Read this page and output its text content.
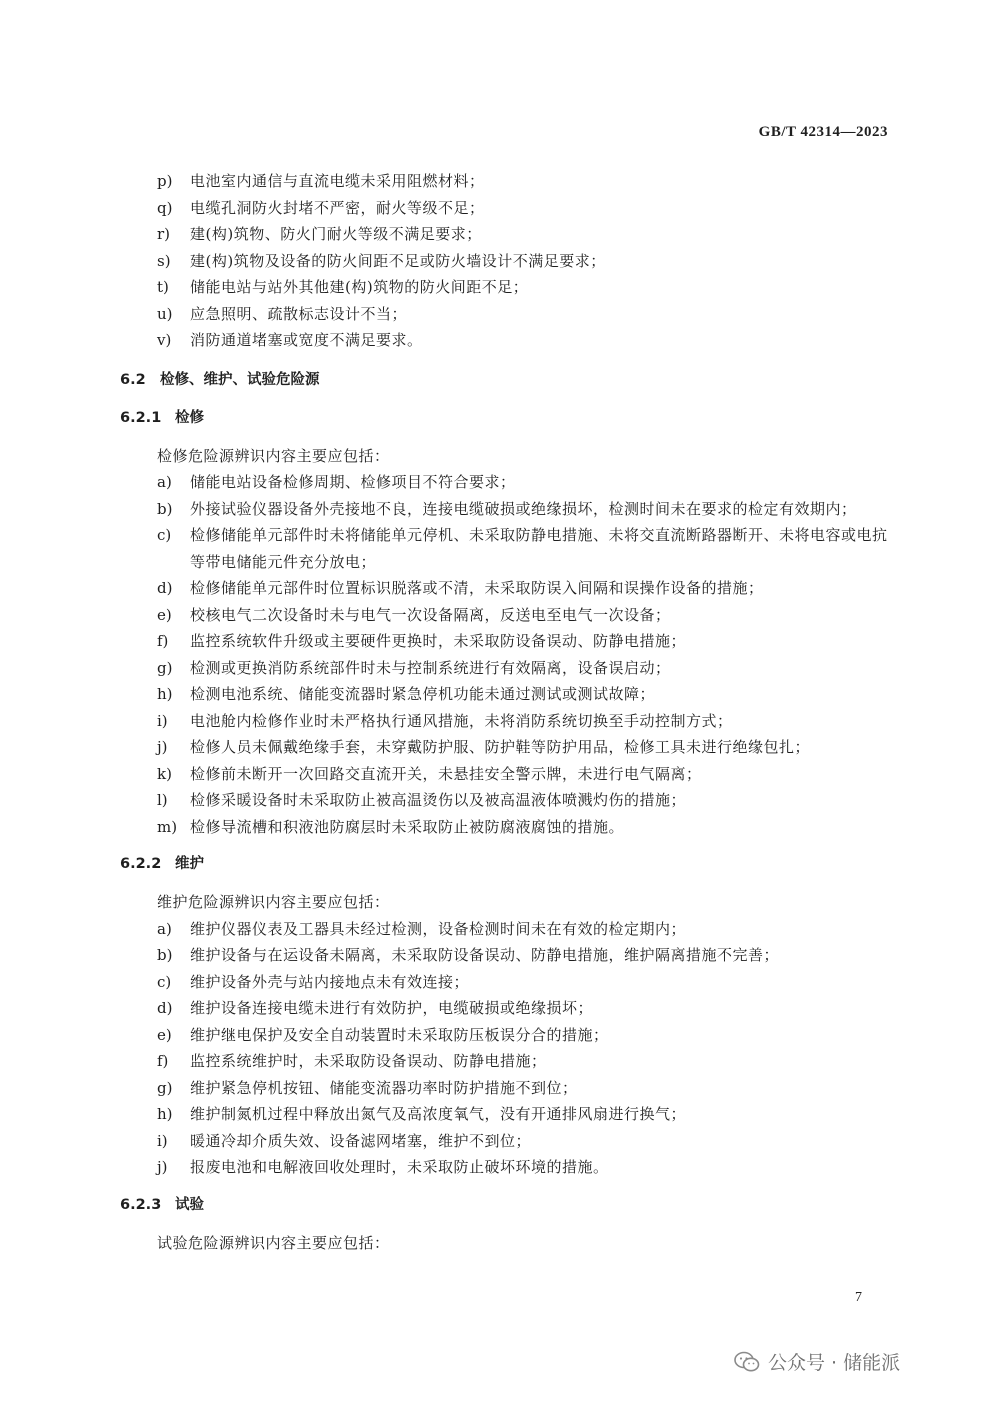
GB/T 42314—2023
p)	电池室内通信与直流电缆未采用阻燃材料；
q)	电缆孔洞防火封堵不严密，耐火等级不足；
r)	建(构)筑物、防火门耐火等级不满足要求；
s)	建(构)筑物及设备的防火间距不足或防火墙设计不满足要求；
t)	储能电站与站外其他建(构)筑物的防火间距不足；
u)	应急照明、疏散标志设计不当；
v)	消防通道堵塞或宽度不满足要求。
6.2 检修、维护、试验危险源
6.2.1 检修
检修危险源辨识内容主要应包括：
a)	储能电站设备检修周期、检修项目不符合要求；
b)	外接试验仪器设备外壳接地不良，连接电缆破损或绝缘损坏，检测时间未在要求的检定有效期内；
c)	检修储能单元部件时未将储能单元停机、未采取防静电措施、未将交直流断路器断开、未将电容或电抗等带电储能元件充分放电；
d)	检修储能单元部件时位置标识脱落或不清，未采取防误入间隔和误操作设备的措施；
e)	校核电气二次设备时未与电气一次设备隔离，反送电至电气一次设备；
f)	监控系统软件升级或主要硬件更换时，未采取防设备误动、防静电措施；
g)	检测或更换消防系统部件时未与控制系统进行有效隔离，设备误启动；
h)	检测电池系统、储能变流器时紧急停机功能未通过测试或测试故障；
i)	电池舱内检修作业时未严格执行通风措施，未将消防系统切换至手动控制方式；
j)	检修人员未佩戴绝缘手套，未穿戴防护服、防护鞋等防护用品，检修工具未进行绝缘包扎；
k)	检修前未断开一次回路交直流开关，未悬挂安全警示牌，未进行电气隔离；
l)	检修采暖设备时未采取防止被高温烫伤以及被高温液体喷溅灼伤的措施；
m) 检修导流槽和积液池防腐层时未采取防止被防腐液腐蚀的措施。
6.2.2 维护
维护危险源辨识内容主要应包括：
a)	维护仪器仪表及工器具未经过检测，设备检测时间未在有效的检定期内；
b)	维护设备与在运设备未隔离，未采取防设备误动、防静电措施，维护隔离措施不完善；
c)	维护设备外壳与站内接地点未有效连接；
d)	维护设备连接电缆未进行有效防护，电缆破损或绝缘损坏；
e)	维护继电保护及安全自动装置时未采取防压板误分合的措施；
f)	监控系统维护时，未采取防设备误动、防静电措施；
g)	维护紧急停机按钮、储能变流器功率时防护措施不到位；
h)	维护制氮机过程中释放出氮气及高浓度氧气，没有开通排风扇进行换气；
i)	暖通冷却介质失效、设备滤网堵塞，维护不到位；
j)	报废电池和电解液回收处理时，未采取防止破坏环境的措施。
6.2.3 试验
试验危险源辨识内容主要应包括：
7
公众号 · 储能派
